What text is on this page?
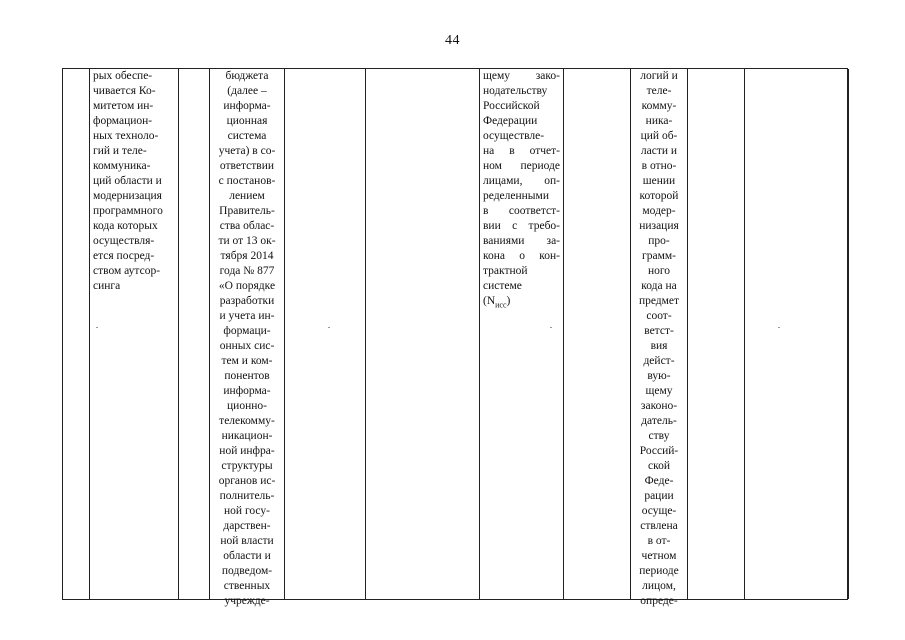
44
рых обеспе-
чивается Ко-
митетом ин-
формацион-
ных техноло-
гий и теле-
коммуника-
ций области и
модернизация
программного
кода которых
осуществля-
ется посред-
ством аутсор-
синга
бюджета
(далее –
информа-
ционная
система
учета) в со-
ответствии
с постанов-
лением
Правитель-
ства облас-
ти от 13 ок-
тября 2014
года № 877
«О порядке
разработки
и учета ин-
формаци-
онных сис-
тем и ком-
понентов
информа-
ционно-
телекомму-
никацион-
ной инфра-
структуры
органов ис-
полнитель-
ной госу-
дарствен-
ной власти
области и
подведом-
ственных
учрежде-
щему зако-
нодательству
Российской
Федерации
осуществле-
на в отчет-
ном периоде
лицами, оп-
ределенными
в соответст-
вии с требо-
ваниями за-
кона о кон-
трактной
системе
$(N_{исс})$
логий и
теле-
комму-
ника-
ций об-
ласти и
в отно-
шении
которой
модер-
низация
про-
грамм-
ного
кода на
предмет
соот-
ветст-
вия
дейст-
вую-
щему
законо-
датель-
ству
Россий-
ской
Феде-
рации
осуще-
ствлена
в от-
четном
периоде
лицом,
опреде-
